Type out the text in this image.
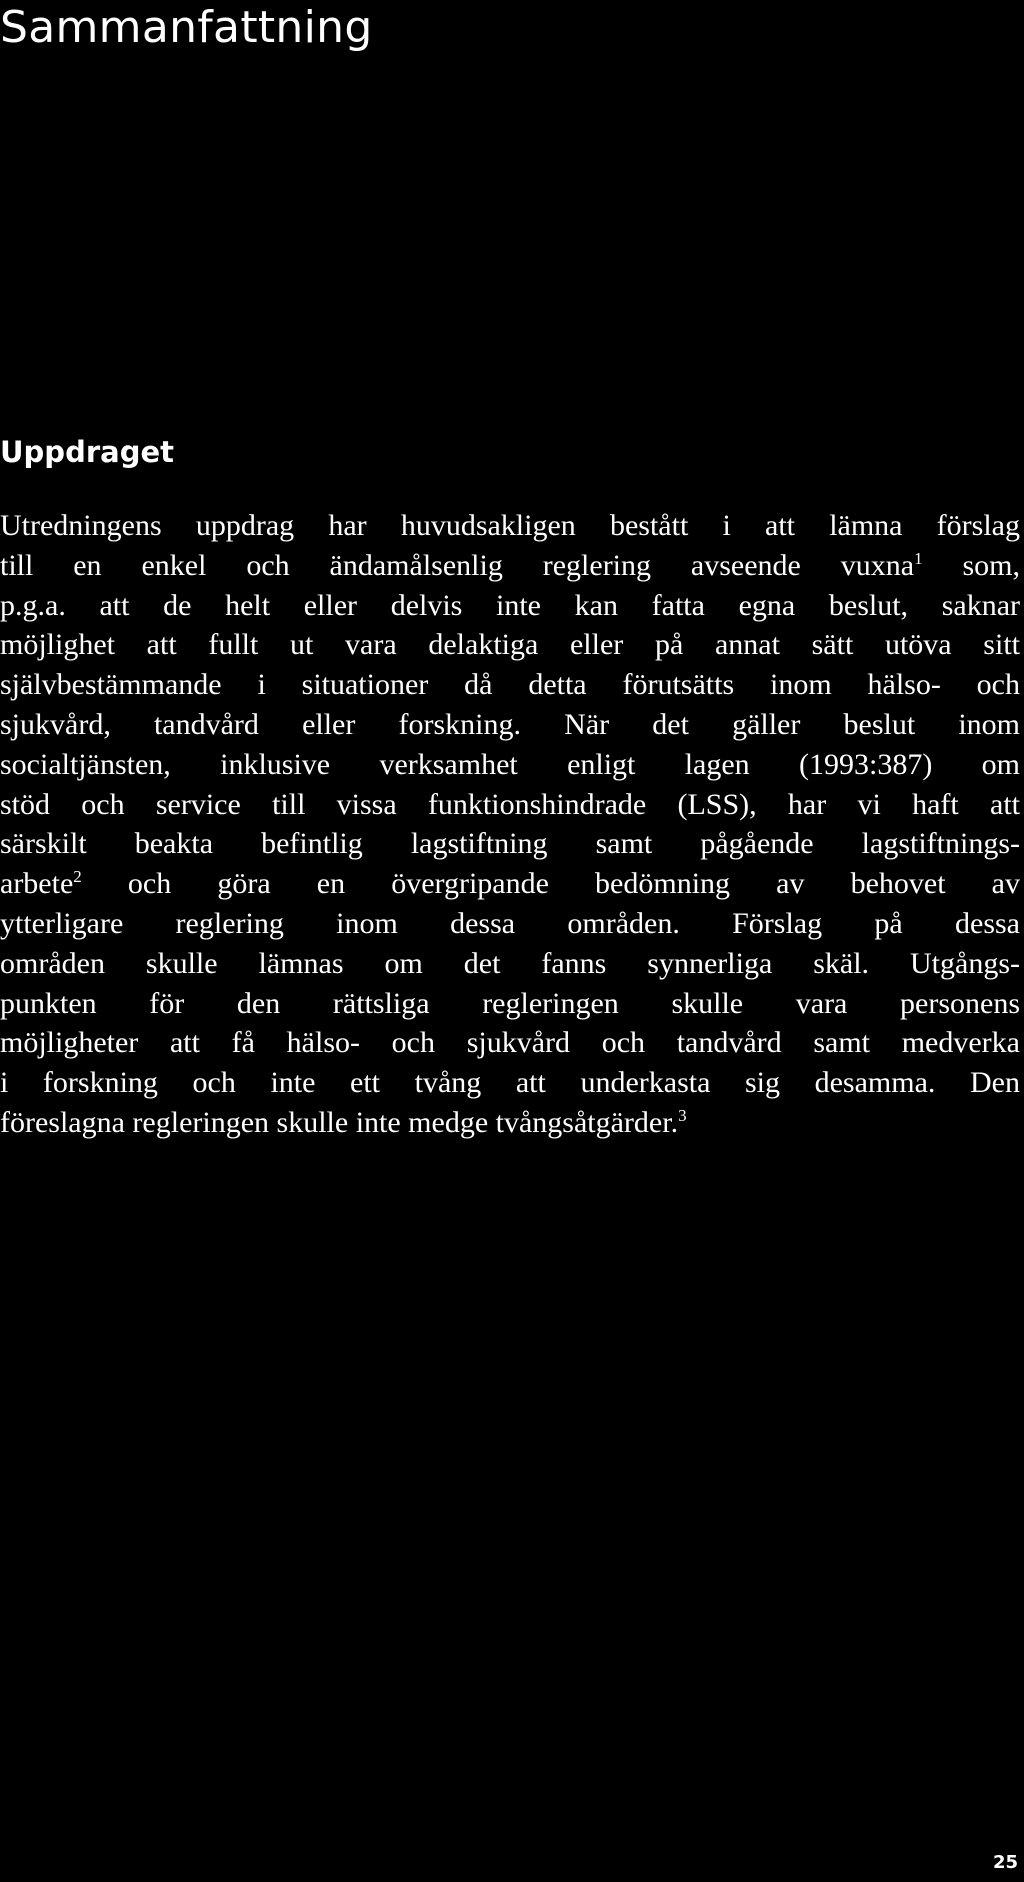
Sammanfattning
Uppdraget
Utredningens uppdrag har huvudsakligen bestått i att lämna förslag
till en enkel och ändamålsenlig reglering avseende vuxna$^1$ som,
p.g.a. att de helt eller delvis inte kan fatta egna beslut, saknar
möjlighet att fullt ut vara delaktiga eller på annat sätt utöva sitt
självbestämmande i situationer då detta förutsätts inom hälso- och
sjukvård, tandvård eller forskning. När det gäller beslut inom
socialtjänsten, inklusive verksamhet enligt lagen (1993:387) om
stöd och service till vissa funktionshindrade (LSS), har vi haft att
särskilt beakta befintlig lagstiftning samt pågående lagstiftnings-
arbete$^2$ och göra en övergripande bedömning av behovet av
ytterligare reglering inom dessa områden. Förslag på dessa
områden skulle lämnas om det fanns synnerliga skäl. Utgångs-
punkten för den rättsliga regleringen skulle vara personens
möjligheter att få hälso- och sjukvård och tandvård samt medverka
i forskning och inte ett tvång att underkasta sig desamma. Den
föreslagna regleringen skulle inte medge tvångsåtgärder.$^3$
25
